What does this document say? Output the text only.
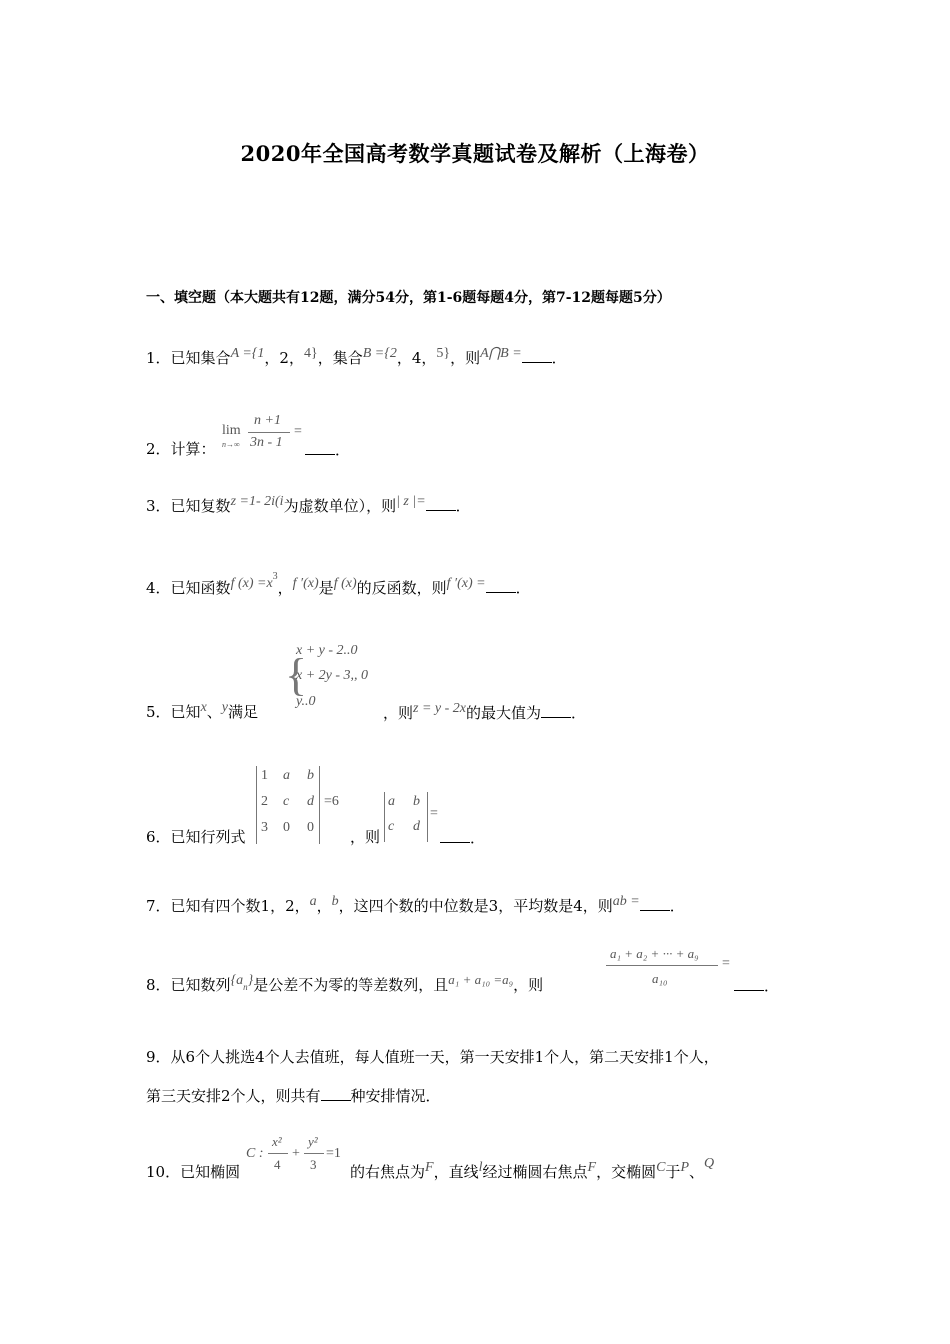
2020年全国高考数学真题试卷及解析（上海卷）
一、填空题（本大题共有12题，满分54分，第1-6题每题4分，第7-12题每题5分）
1．已知集合A ={1，2，4}，集合B ={2，4，5}，则A⋂B = ．
2．计算：
lim
n→∞
n +1
3n - 1
=
．
3．已知复数z =1- 2i(i为虚数单位），则| z |= ．
4．已知函数f $(x) =x^3$，f ′(x)是f (x)的反函数，则f ′(x) = ．
{
x + y - 2..0
x + 2y - 3,, 0
y..0
5．已知x、y满足	，则z = y - 2x的最大值为 ．
1 a b
2 c d
3 0 0
=6	a b
c d
=
6．已知行列式	，则	．
7．已知有四个数1，2，a，b，这四个数的中位数是3，平均数是4，则ab = ．
a₁ + a₂ + ··· + a₉
a₁₀
=
8．已知数列$\{a_n\}$是公差不为零的等差数列，且a₁ + a₁₀ =a₉，则	．
9．从6个人挑选4个人去值班，每人值班一天，第一天安排1个人，第二天安排1个人，
第三天安排2个人，则共有 种安排情况．
C :
x²
4
+
y²
3
=1
10．已知椭圆	的右焦点为F，直线l经过椭圆右焦点F，交椭圆C于P、Q
